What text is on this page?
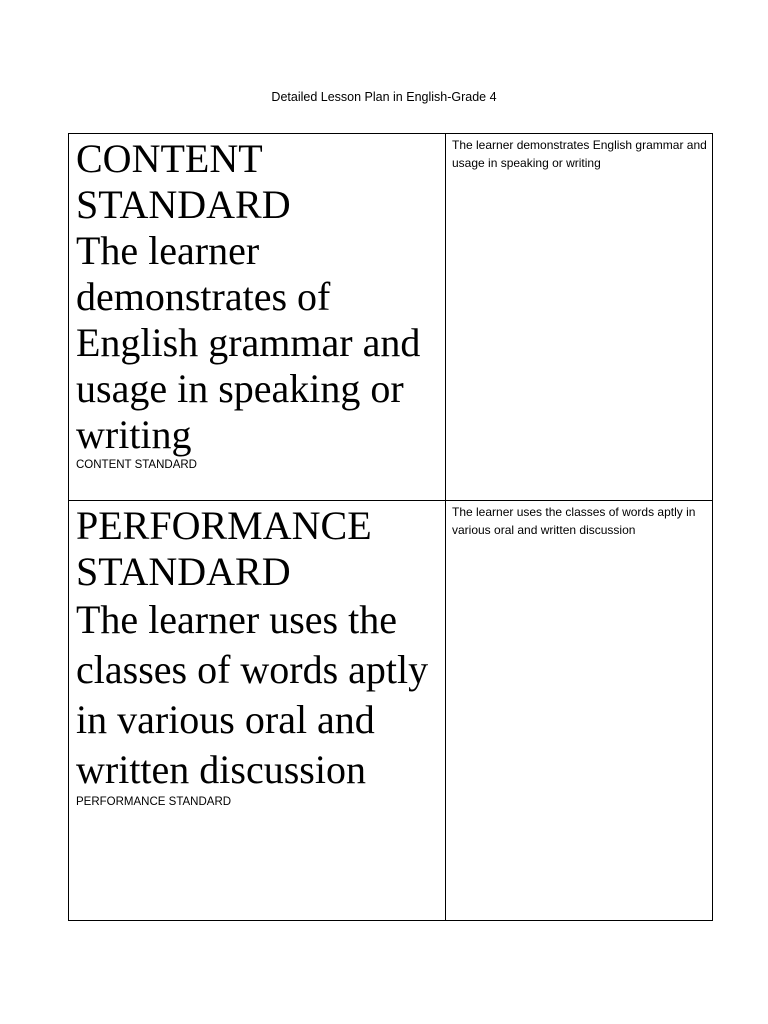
Detailed Lesson Plan in English-Grade 4
CONTENT
STANDARD
The learner demonstrates of English grammar and usage in speaking or writing
CONTENT STANDARD	The learner demonstrates English grammar and usage in speaking or writing

PERFORMANCE
STANDARD
The learner uses the classes of words aptly in various oral and written discussion
PERFORMANCE STANDARD	The learner uses the classes of words aptly in various oral and written discussion
